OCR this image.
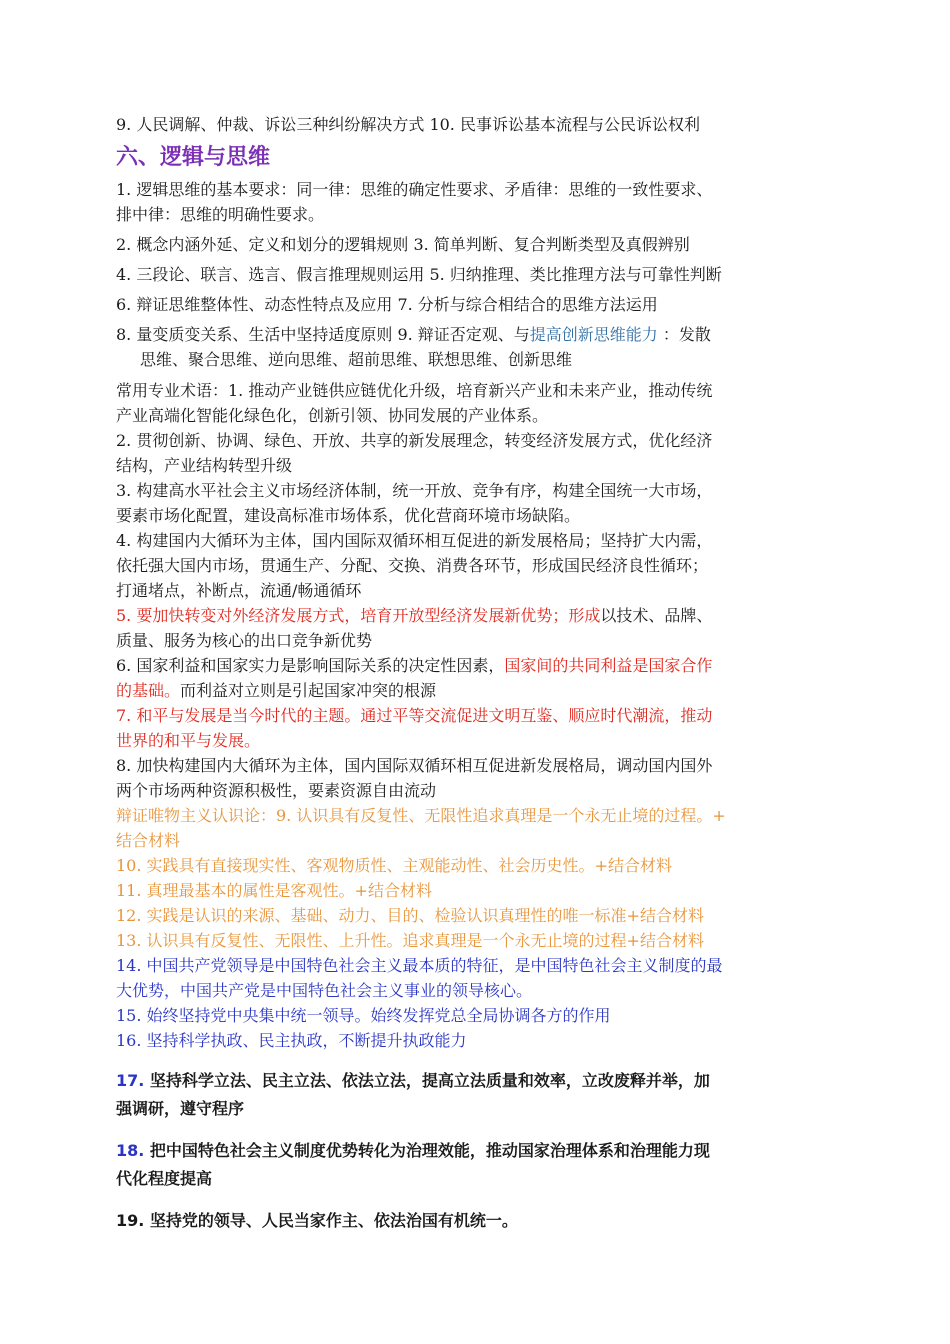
9. 人民调解、仲裁、诉讼三种纠纷解决方式 10. 民事诉讼基本流程与公民诉讼权利

六、逻辑与思维

1. 逻辑思维的基本要求：同一律：思维的确定性要求、矛盾律：思维的一致性要求、

排中律：思维的明确性要求。

2. 概念内涵外延、定义和划分的逻辑规则 3. 简单判断、复合判断类型及真假辨别

4. 三段论、联言、选言、假言推理规则运用 5. 归纳推理、类比推理方法与可靠性判断

6. 辩证思维整体性、动态性特点及应用 7. 分析与综合相结合的思维方法运用

8. 量变质变关系、生活中坚持适度原则 9. 辩证否定观、与提高创新思维能力 ：发散

思维、聚合思维、逆向思维、超前思维、联想思维、创新思维

常用专业术语：1. 推动产业链供应链优化升级，培育新兴产业和未来产业，推动传统

产业高端化智能化绿色化，创新引领、协同发展的产业体系。

2. 贯彻创新、协调、绿色、开放、共享的新发展理念，转变经济发展方式，优化经济

结构，产业结构转型升级

3. 构建高水平社会主义市场经济体制，统一开放、竞争有序，构建全国统一大市场，

要素市场化配置，建设高标准市场体系，优化营商环境市场缺陷。

4. 构建国内大循环为主体，国内国际双循环相互促进的新发展格局；坚持扩大内需，

依托强大国内市场，贯通生产、分配、交换、消费各环节，形成国民经济良性循环；

打通堵点，补断点，流通/畅通循环

5. 要加快转变对外经济发展方式，培育开放型经济发展新优势；形成以技术、品牌、

质量、服务为核心的出口竞争新优势

6. 国家利益和国家实力是影响国际关系的决定性因素，国家间的共同利益是国家合作

的基础。而利益对立则是引起国家冲突的根源

7. 和平与发展是当今时代的主题。通过平等交流促进文明互鉴、顺应时代潮流，推动

世界的和平与发展。

8. 加快构建国内大循环为主体，国内国际双循环相互促进新发展格局，调动国内国外

两个市场两种资源积极性，要素资源自由流动

辩证唯物主义认识论：9. 认识具有反复性、无限性追求真理是一个永无止境的过程。+

结合材料

10. 实践具有直接现实性、客观物质性、主观能动性、社会历史性。+结合材料

11. 真理最基本的属性是客观性。+结合材料

12. 实践是认识的来源、基础、动力、目的、检验认识真理性的唯一标准+结合材料

13. 认识具有反复性、无限性、上升性。追求真理是一个永无止境的过程+结合材料

14. 中国共产党领导是中国特色社会主义最本质的特征，是中国特色社会主义制度的最

大优势，中国共产党是中国特色社会主义事业的领导核心。

15. 始终坚持党中央集中统一领导。始终发挥党总全局协调各方的作用

16. 坚持科学执政、民主执政，不断提升执政能力

17. 坚持科学立法、民主立法、依法立法，提高立法质量和效率，立改废释并举，加

强调研，遵守程序

18. 把中国特色社会主义制度优势转化为治理效能，推动国家治理体系和治理能力现

代化程度提高

19. 坚持党的领导、人民当家作主、依法治国有机统一。
